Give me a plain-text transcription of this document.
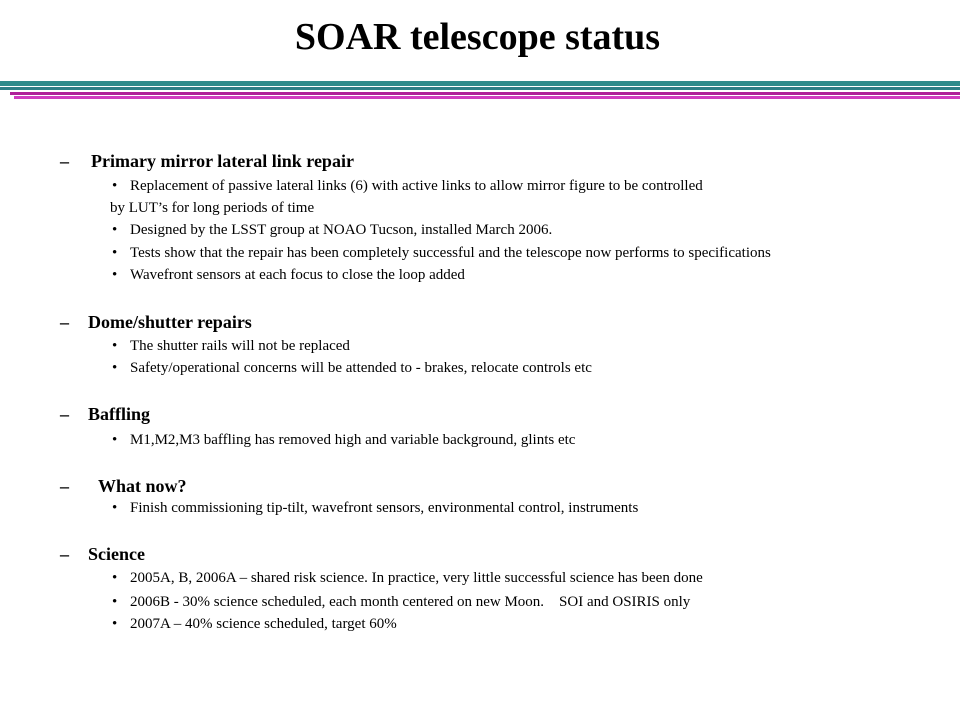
SOAR telescope status
– Primary mirror lateral link repair
• Replacement of passive lateral links (6) with active links to allow mirror figure to be controlled
by LUT’s for long periods of time
• Designed by the LSST group at NOAO Tucson, installed March 2006.
• Tests show that the repair has been completely successful and the telescope now performs to specifications
• Wavefront sensors at each focus to close the loop added
– Dome/shutter repairs
• The shutter rails will not be replaced
• Safety/operational concerns will be attended to - brakes, relocate controls etc
– Baffling
• M1,M2,M3 baffling has removed high and variable background, glints etc
– What now?
• Finish commissioning tip-tilt, wavefront sensors, environmental control, instruments
– Science
• 2005A, B, 2006A – shared risk science. In practice, very little successful science has been done
• 2006B - 30% science scheduled, each month centered on new Moon.    SOI and OSIRIS only
• 2007A – 40% science scheduled, target 60%
